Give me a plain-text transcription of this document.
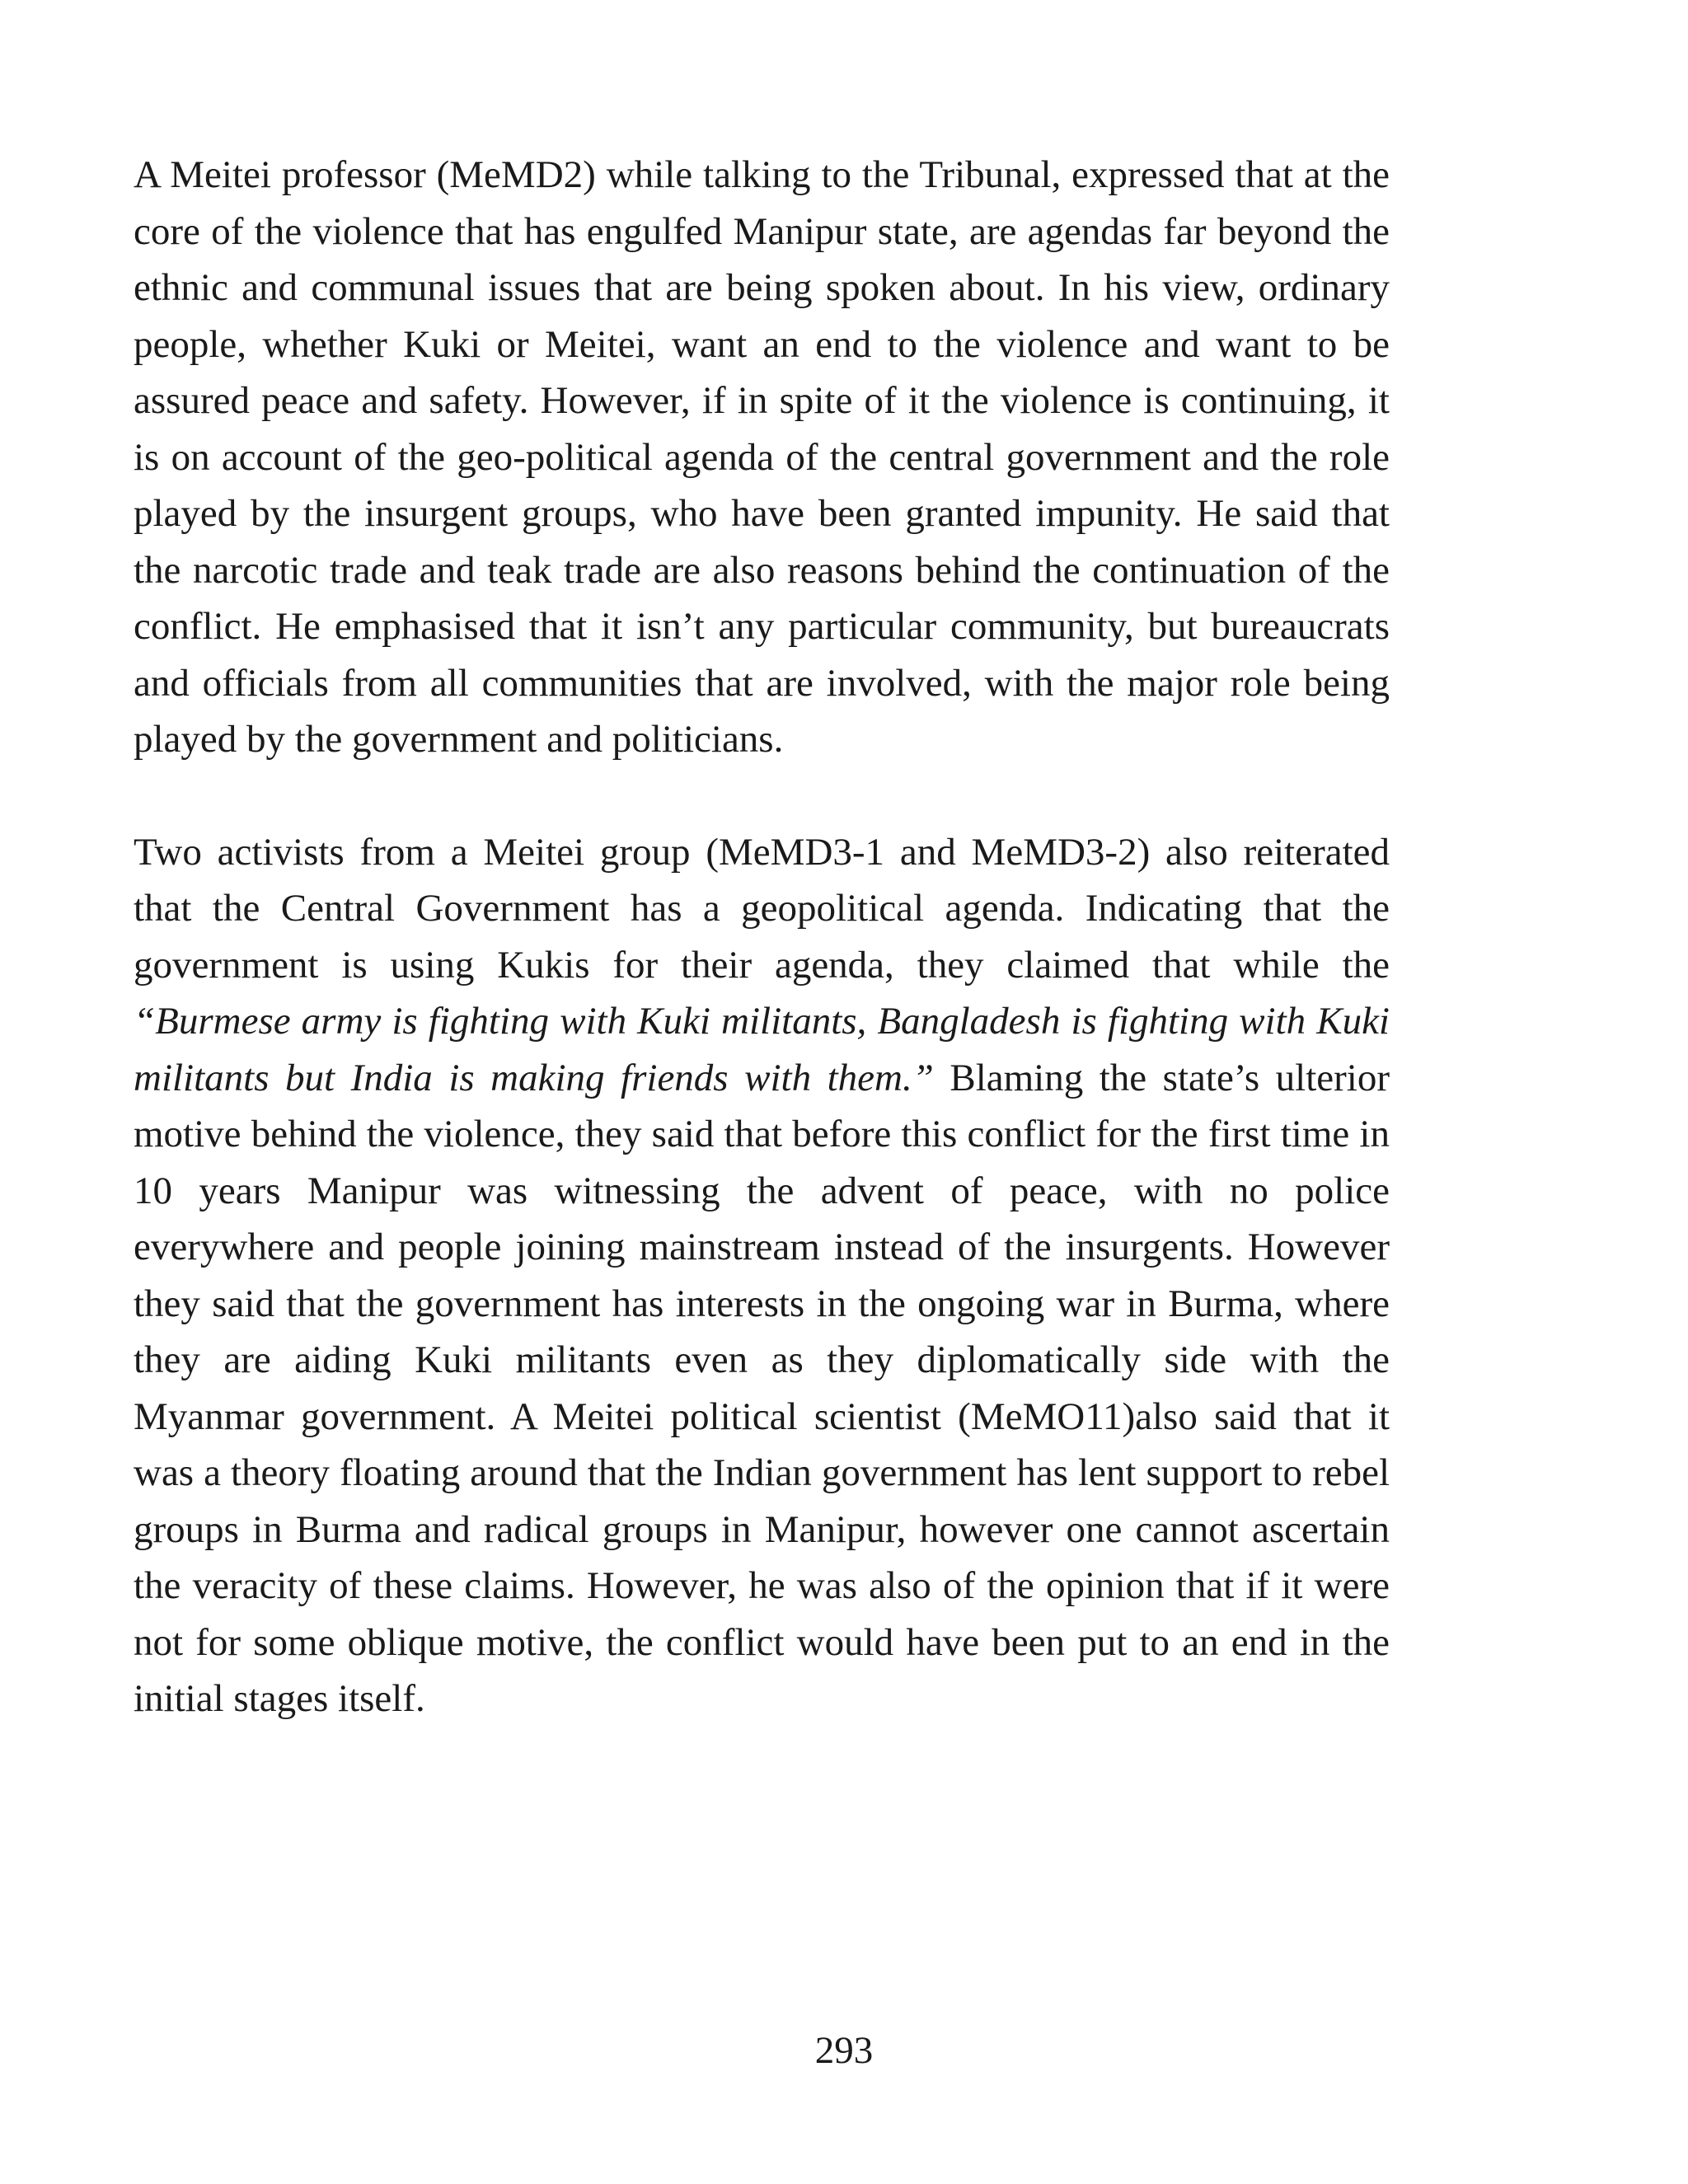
A Meitei professor (MeMD2) while talking to the Tribunal, expressed that at the core of the violence that has engulfed Manipur state, are agendas far beyond the ethnic and communal issues that are being spoken about. In his view, ordinary people, whether Kuki or Meitei, want an end to the violence and want to be assured peace and safety. However, if in spite of it the violence is continuing, it is on account of the geo-political agenda of the central government and the role played by the insurgent groups, who have been granted impunity. He said that the narcotic trade and teak trade are also reasons behind the continuation of the conflict. He emphasised that it isn’t any particular community, but bureaucrats and officials from all communities that are involved, with the major role being played by the government and politicians.

Two activists from a Meitei group (MeMD3-1 and MeMD3-2) also reiterated that the Central Government has a geopolitical agenda. Indicating that the government is using Kukis for their agenda, they claimed that while the “Burmese army is fighting with Kuki militants, Bangladesh is fighting with Kuki militants but India is making friends with them.” Blaming the state’s ulterior motive behind the violence, they said that before this conflict for the first time in 10 years Manipur was witnessing the advent of peace, with no police everywhere and people joining mainstream instead of the insurgents. However they said that the government has interests in the ongoing war in Burma, where they are aiding Kuki militants even as they diplomatically side with the Myanmar government. A Meitei political scientist (MeMO11)also said that it was a theory floating around that the Indian government has lent support to rebel groups in Burma and radical groups in Manipur, however one cannot ascertain the veracity of these claims. However, he was also of the opinion that if it were not for some oblique motive, the conflict would have been put to an end in the initial stages itself.

293
